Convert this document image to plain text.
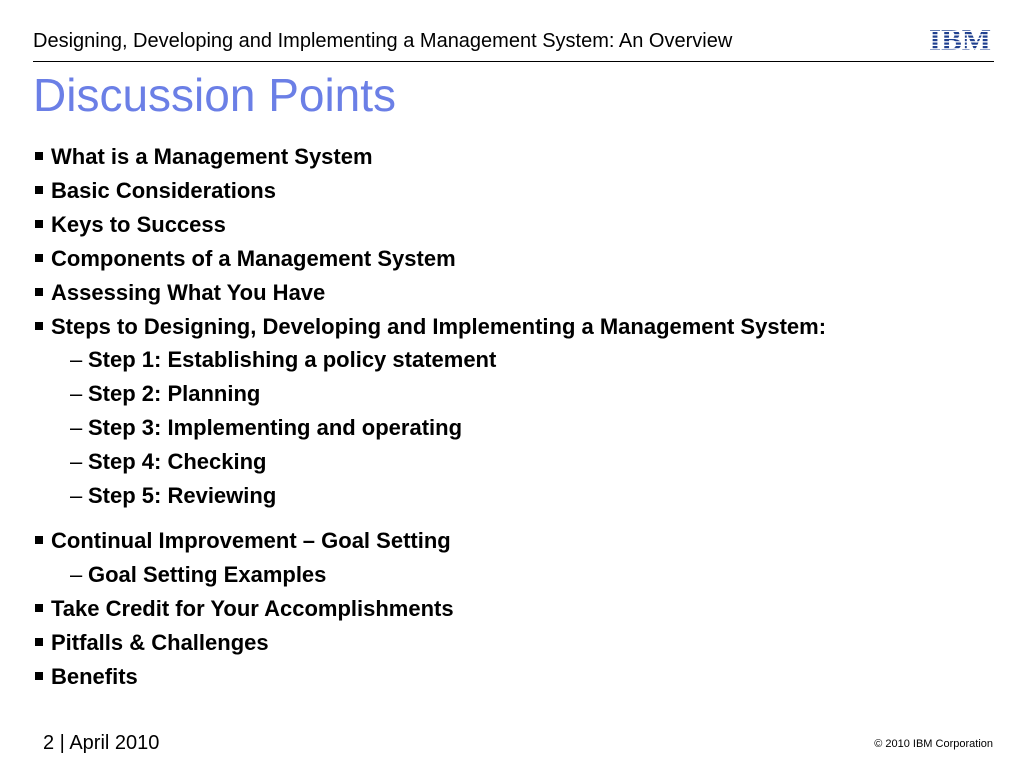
Designing, Developing and Implementing a Management System: An Overview	IBM
Discussion Points
What is a Management System
Basic Considerations
Keys to Success
Components of a Management System
Assessing What You Have
Steps to Designing, Developing and Implementing a Management System:
– Step 1: Establishing a policy statement
– Step 2: Planning
– Step 3: Implementing and operating
– Step 4: Checking
– Step 5: Reviewing
Continual Improvement – Goal Setting
– Goal Setting Examples
Take Credit for Your Accomplishments
Pitfalls & Challenges
Benefits
2 | April 2010	© 2010 IBM Corporation
